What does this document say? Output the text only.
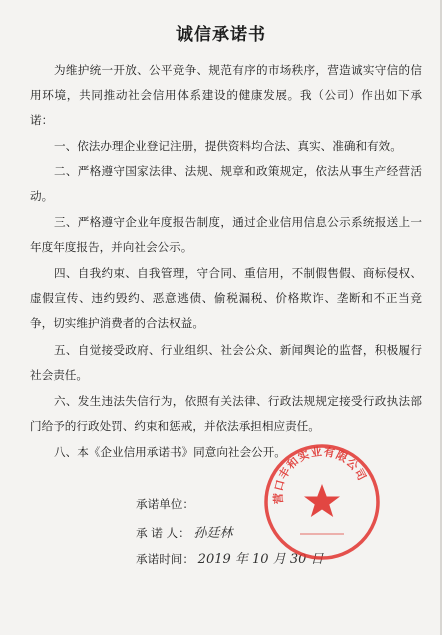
诚信承诺书

为维护统一开放、公平竞争、规范有序的市场秩序，营造诚实守信的信用环境，共同推动社会信用体系建设的健康发展。我（公司）作出如下承诺：

一、依法办理企业登记注册，提供资料均合法、真实、准确和有效。

二、严格遵守国家法律、法规、规章和政策规定，依法从事生产经营活动。

三、严格遵守企业年度报告制度，通过企业信用信息公示系统报送上一年度年度报告，并向社会公示。

四、自我约束、自我管理，守合同、重信用，不制假售假、商标侵权、虚假宣传、违约毁约、恶意逃债、偷税漏税、价格欺诈、垄断和不正当竞争，切实维护消费者的合法权益。

五、自觉接受政府、行业组织、社会公众、新闻舆论的监督，积极履行社会责任。

六、发生违法失信行为，依照有关法律、行政法规规定接受行政执法部门给予的行政处罚、约束和惩戒，并依法承担相应责任。

八、本《企业信用承诺书》同意向社会公开。

承诺单位：
承 诺 人： 孙廷林
承诺时间： 2019 年 10 月 30 日
营口丰和实业有限公司
